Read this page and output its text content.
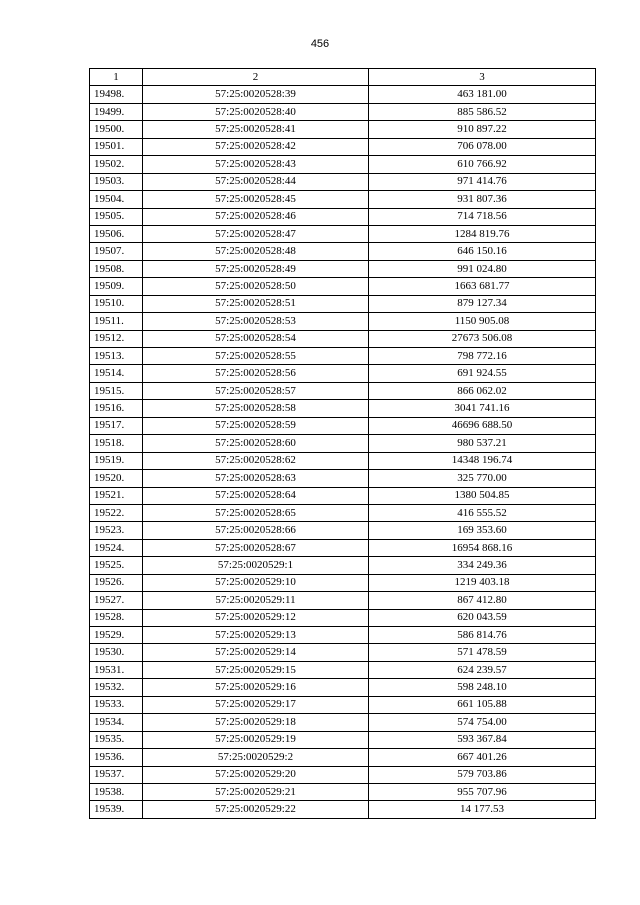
456
1	2	3
19498.	57:25:0020528:39	463 181.00
19499.	57:25:0020528:40	885 586.52
19500.	57:25:0020528:41	910 897.22
19501.	57:25:0020528:42	706 078.00
19502.	57:25:0020528:43	610 766.92
19503.	57:25:0020528:44	971 414.76
19504.	57:25:0020528:45	931 807.36
19505.	57:25:0020528:46	714 718.56
19506.	57:25:0020528:47	1284 819.76
19507.	57:25:0020528:48	646 150.16
19508.	57:25:0020528:49	991 024.80
19509.	57:25:0020528:50	1663 681.77
19510.	57:25:0020528:51	879 127.34
19511.	57:25:0020528:53	1150 905.08
19512.	57:25:0020528:54	27673 506.08
19513.	57:25:0020528:55	798 772.16
19514.	57:25:0020528:56	691 924.55
19515.	57:25:0020528:57	866 062.02
19516.	57:25:0020528:58	3041 741.16
19517.	57:25:0020528:59	46696 688.50
19518.	57:25:0020528:60	980 537.21
19519.	57:25:0020528:62	14348 196.74
19520.	57:25:0020528:63	325 770.00
19521.	57:25:0020528:64	1380 504.85
19522.	57:25:0020528:65	416 555.52
19523.	57:25:0020528:66	169 353.60
19524.	57:25:0020528:67	16954 868.16
19525.	57:25:0020529:1	334 249.36
19526.	57:25:0020529:10	1219 403.18
19527.	57:25:0020529:11	867 412.80
19528.	57:25:0020529:12	620 043.59
19529.	57:25:0020529:13	586 814.76
19530.	57:25:0020529:14	571 478.59
19531.	57:25:0020529:15	624 239.57
19532.	57:25:0020529:16	598 248.10
19533.	57:25:0020529:17	661 105.88
19534.	57:25:0020529:18	574 754.00
19535.	57:25:0020529:19	593 367.84
19536.	57:25:0020529:2	667 401.26
19537.	57:25:0020529:20	579 703.86
19538.	57:25:0020529:21	955 707.96
19539.	57:25:0020529:22	14 177.53
